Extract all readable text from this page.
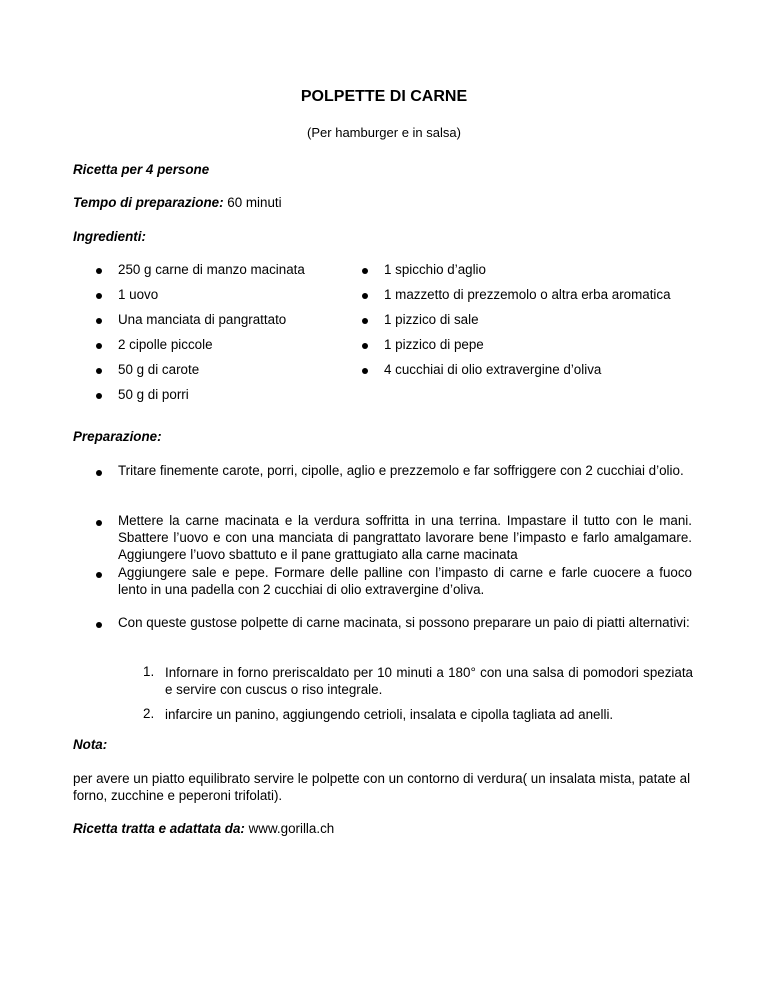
POLPETTE DI CARNE
(Per hamburger e in salsa)
Ricetta per 4 persone
Tempo di preparazione: 60 minuti
Ingredienti:
250 g carne di manzo macinata
1 uovo
Una manciata di pangrattato
2 cipolle piccole
50 g di carote
50 g di porri
1 spicchio d’aglio
1 mazzetto di prezzemolo o altra erba aromatica
1 pizzico di sale
1 pizzico di pepe
4 cucchiai di olio extravergine d’oliva
Preparazione:
Tritare finemente carote, porri, cipolle, aglio e prezzemolo e far soffriggere con 2 cucchiai d’olio.
Mettere la carne macinata e la verdura soffritta in una terrina. Impastare il tutto con le mani. Sbattere l’uovo e con una manciata di pangrattato lavorare bene l’impasto e farlo amalgamare. Aggiungere l’uovo sbattuto e il pane grattugiato alla carne macinata
Aggiungere sale e pepe. Formare delle palline con l’impasto di carne e farle cuocere a fuoco lento in una padella con 2 cucchiai di olio extravergine d’oliva.
Con queste gustose polpette di carne macinata, si possono preparare un paio di piatti alternativi:
1. Infornare in forno preriscaldato per 10 minuti a 180° con una salsa di pomodori speziata e servire con cuscus o riso integrale.
2. infarcire un panino, aggiungendo cetrioli, insalata e cipolla tagliata ad anelli.
Nota:
per avere un piatto equilibrato servire le polpette con un contorno di verdura( un insalata mista, patate al forno, zucchine e peperoni trifolati).
Ricetta tratta e adattata da: www.gorilla.ch
